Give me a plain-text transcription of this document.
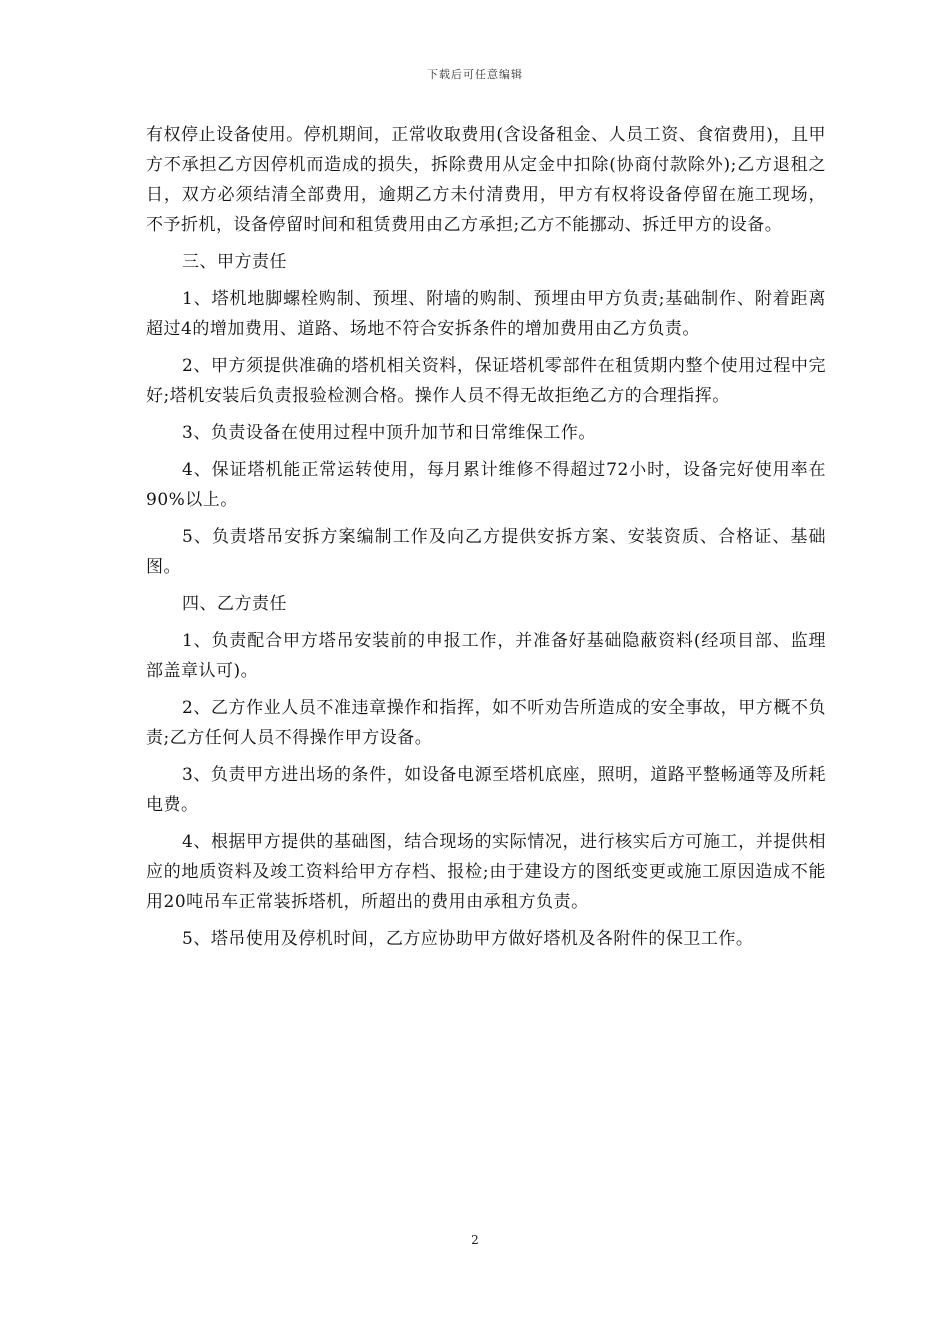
下载后可任意编辑

有权停止设备使用。停机期间，正常收取费用(含设备租金、人员工资、食宿费用)，且甲方不承担乙方因停机而造成的损失，拆除费用从定金中扣除(协商付款除外);乙方退租之日，双方必须结清全部费用，逾期乙方未付清费用，甲方有权将设备停留在施工现场，不予折机，设备停留时间和租赁费用由乙方承担;乙方不能挪动、拆迁甲方的设备。

三、甲方责任

1、塔机地脚螺栓购制、预埋、附墙的购制、预埋由甲方负责;基础制作、附着距离超过4的增加费用、道路、场地不符合安拆条件的增加费用由乙方负责。

2、甲方须提供准确的塔机相关资料，保证塔机零部件在租赁期内整个使用过程中完好;塔机安装后负责报验检测合格。操作人员不得无故拒绝乙方的合理指挥。

3、负责设备在使用过程中顶升加节和日常维保工作。

4、保证塔机能正常运转使用，每月累计维修不得超过72小时，设备完好使用率在90%以上。

5、负责塔吊安拆方案编制工作及向乙方提供安拆方案、安装资质、合格证、基础图。

四、乙方责任

1、负责配合甲方塔吊安装前的申报工作，并准备好基础隐蔽资料(经项目部、监理部盖章认可)。

2、乙方作业人员不准违章操作和指挥，如不听劝告所造成的安全事故，甲方概不负责;乙方任何人员不得操作甲方设备。

3、负责甲方进出场的条件，如设备电源至塔机底座，照明，道路平整畅通等及所耗电费。

4、根据甲方提供的基础图，结合现场的实际情况，进行核实后方可施工，并提供相应的地质资料及竣工资料给甲方存档、报检;由于建设方的图纸变更或施工原因造成不能用20吨吊车正常装拆塔机，所超出的费用由承租方负责。

5、塔吊使用及停机时间，乙方应协助甲方做好塔机及各附件的保卫工作。

2
